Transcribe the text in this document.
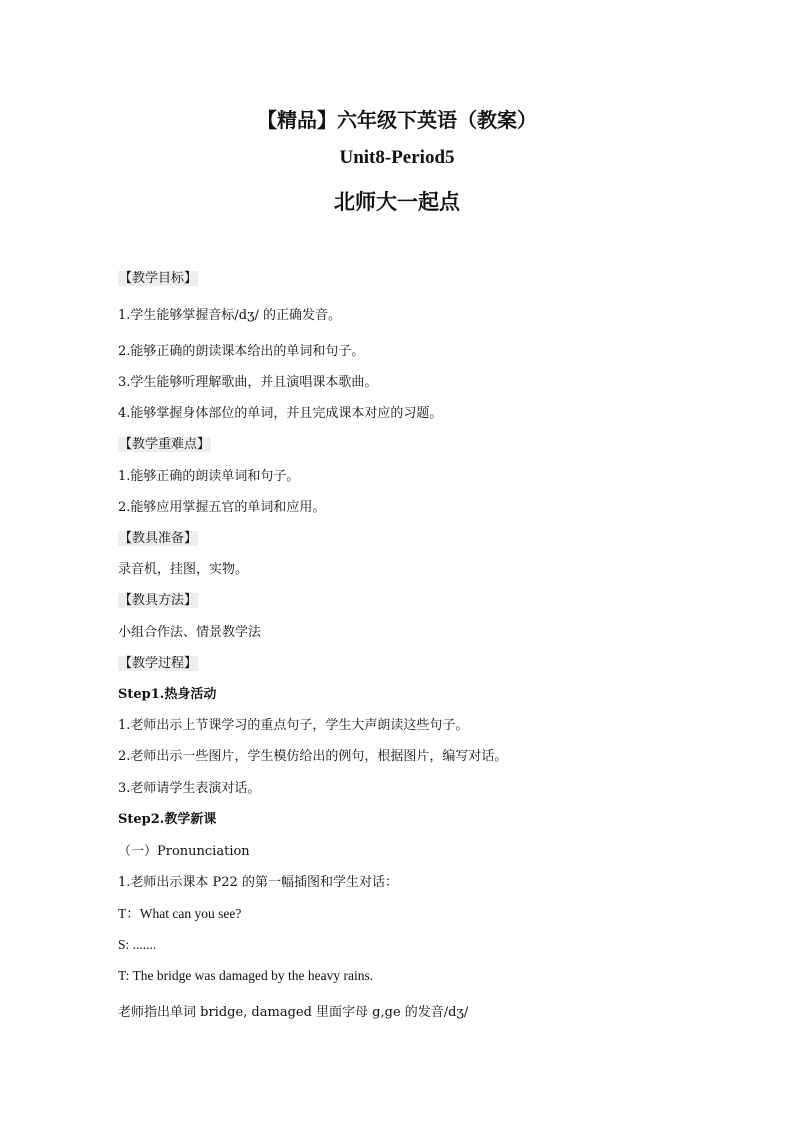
【精品】六年级下英语（教案）
Unit8-Period5
北师大一起点
【教学目标】
1.学生能够掌握音标/dʒ/ 的正确发音。
2.能够正确的朗读课本给出的单词和句子。
3.学生能够听理解歌曲，并且演唱课本歌曲。
4.能够掌握身体部位的单词，并且完成课本对应的习题。
【教学重难点】
1.能够正确的朗读单词和句子。
2.能够应用掌握五官的单词和应用。
【教具准备】
录音机，挂图，实物。
【教具方法】
小组合作法、情景教学法
【教学过程】
Step1.热身活动
1.老师出示上节课学习的重点句子，学生大声朗读这些句子。
2.老师出示一些图片，学生模仿给出的例句，根据图片，编写对话。
3.老师请学生表演对话。
Step2.教学新课
（一）Pronunciation
1.老师出示课本 P22 的第一幅插图和学生对话：
T：What can you see?
S: .......
T: The bridge was damaged by the heavy rains.
老师指出单词 bridge, damaged 里面字母 g,ge 的发音/dʒ/
